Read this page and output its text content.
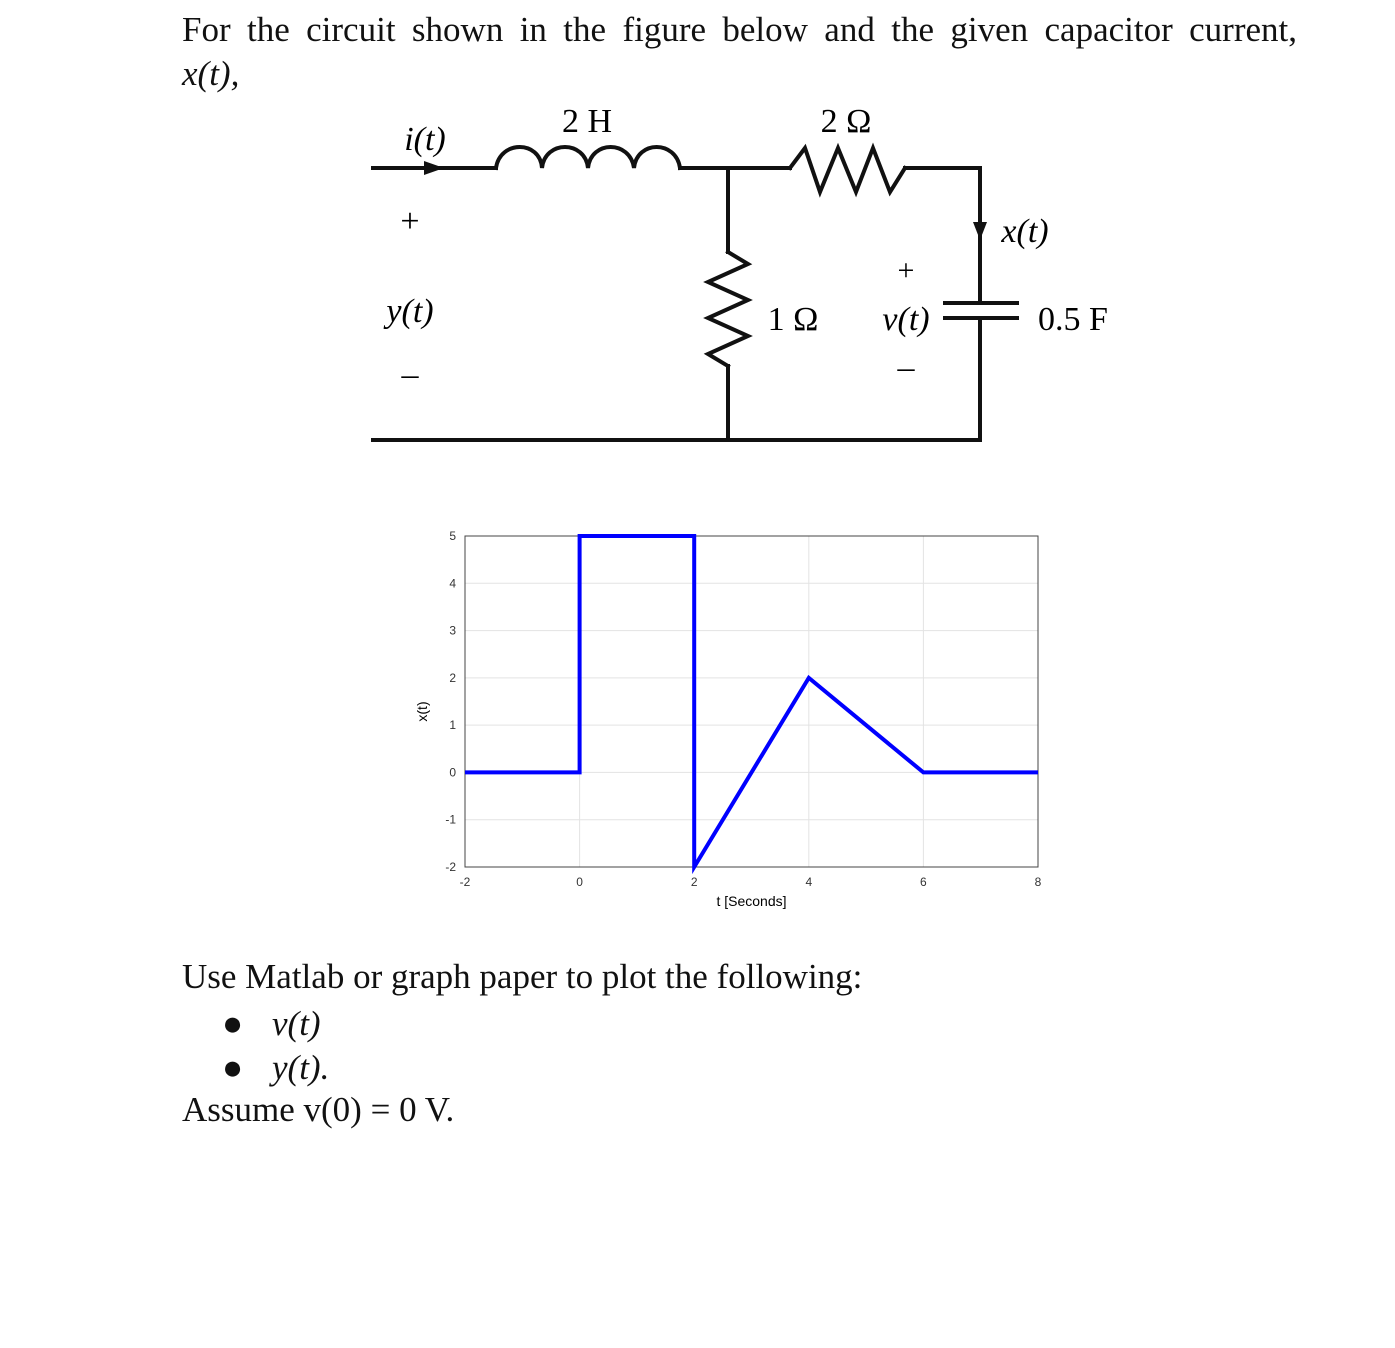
For the circuit shown in the figure below and the given capacitor current,
x(t),
2 H	2 Ω
i(t)
+
y(t)
–
1 Ω
+
v(t)
–
x(t)
0.5 F
-2	0	2	4	6	8
-2
-1
0
1
2
3
4
5
t [Seconds]
x(t)
Use Matlab or graph paper to plot the following:
● v(t)
● y(t).
Assume v(0) = 0 V.
